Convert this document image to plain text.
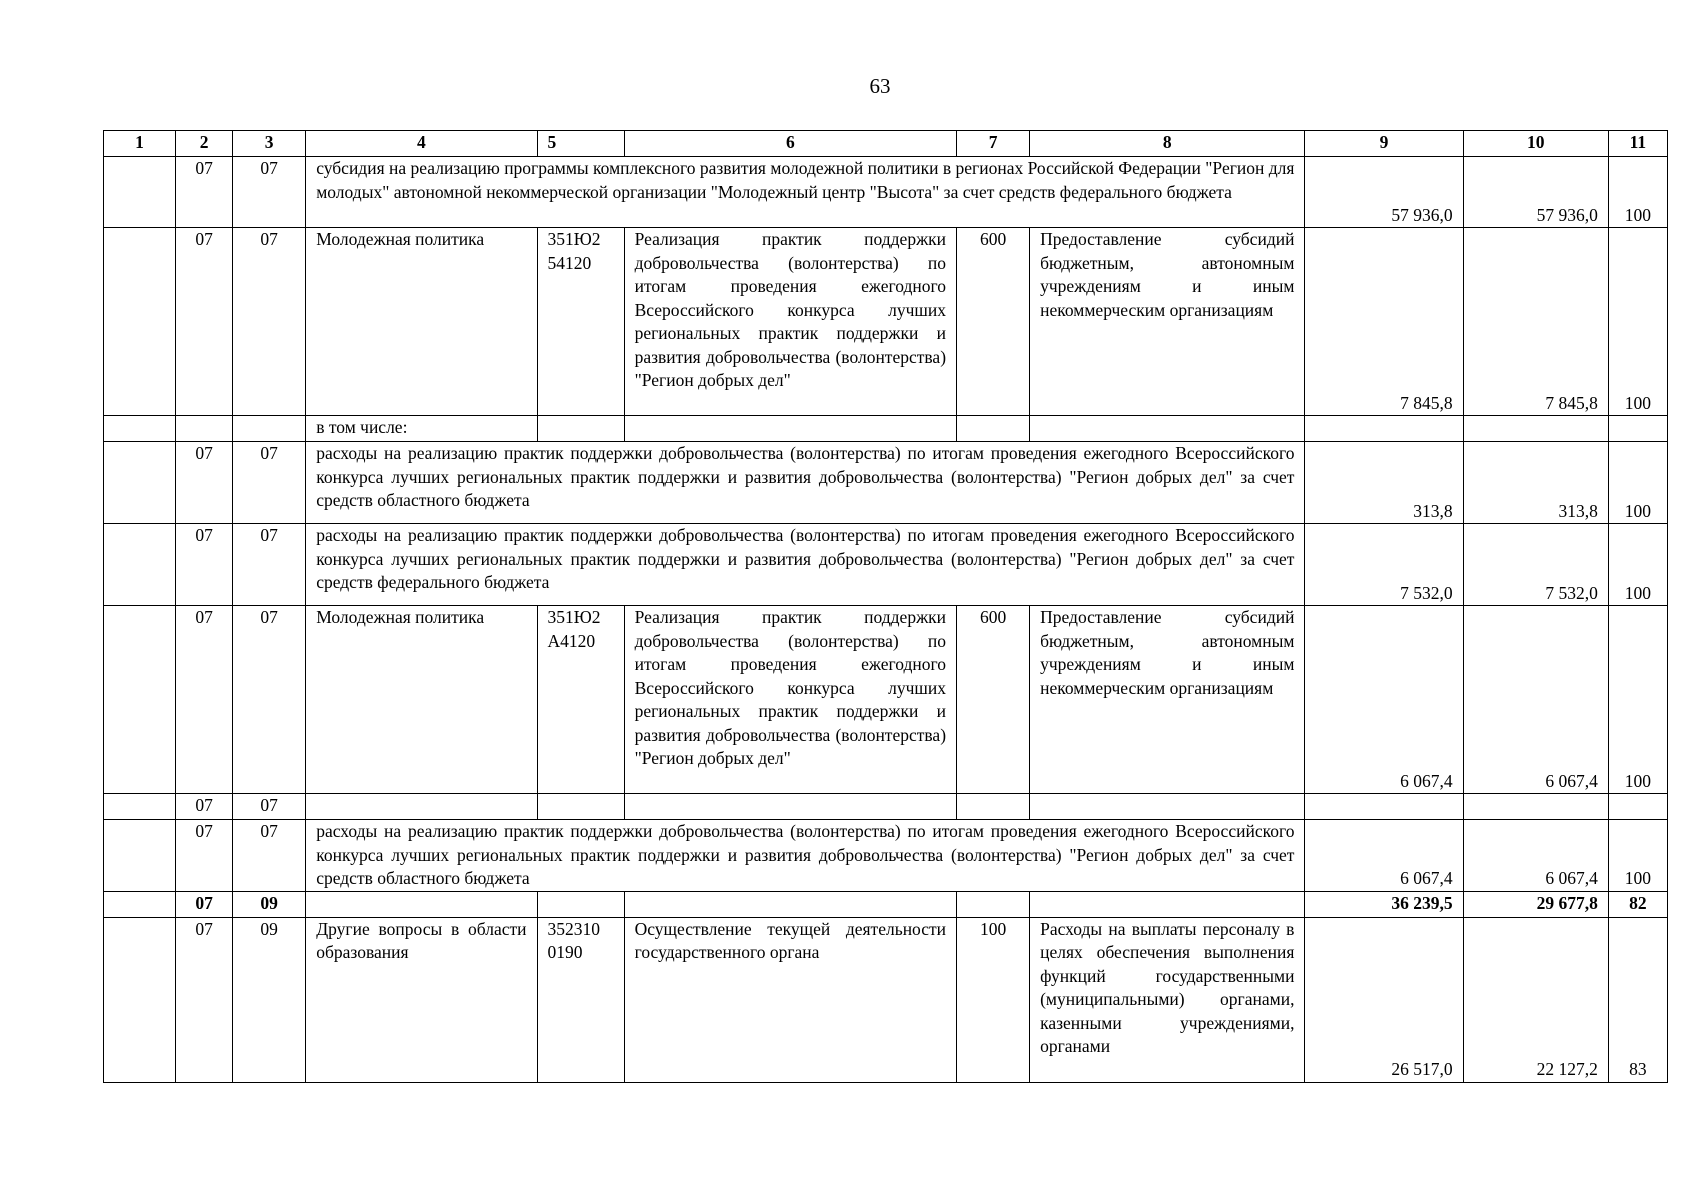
63
1	2	3	4	5	6	7	8	9	10	11
	07	07	субсидия на реализацию программы комплексного развития молодежной политики в регионах Российской Федерации "Регион для молодых" автономной некоммерческой организации "Молодежный центр "Высота" за счет средств федерального бюджета					57 936,0	57 936,0	100
	07	07	Молодежная политика	351Ю2 54120	Реализация практик поддержки добровольчества (волонтерства) по итогам проведения ежегодного Всероссийского конкурса лучших региональных практик поддержки и развития добровольчества (волонтерства) "Регион добрых дел"	600	Предоставление субсидий бюджетным, автономным учреждениям и иным некоммерческим организациям	7 845,8	7 845,8	100
			в том числе:							
	07	07	расходы на реализацию практик поддержки добровольчества (волонтерства) по итогам проведения ежегодного Всероссийского конкурса лучших региональных практик поддержки и развития добровольчества (волонтерства) "Регион добрых дел" за счет средств областного бюджета					313,8	313,8	100
	07	07	расходы на реализацию практик поддержки добровольчества (волонтерства) по итогам проведения ежегодного Всероссийского конкурса лучших региональных практик поддержки и развития добровольчества (волонтерства) "Регион добрых дел" за счет средств федерального бюджета					7 532,0	7 532,0	100
	07	07	Молодежная политика	351Ю2 А4120	Реализация практик поддержки добровольчества (волонтерства) по итогам проведения ежегодного Всероссийского конкурса лучших региональных практик поддержки и развития добровольчества (волонтерства) "Регион добрых дел"	600	Предоставление субсидий бюджетным, автономным учреждениям и иным некоммерческим организациям	6 067,4	6 067,4	100
	07	07								
	07	07	расходы на реализацию практик поддержки добровольчества (волонтерства) по итогам проведения ежегодного Всероссийского конкурса лучших региональных практик поддержки и развития добровольчества (волонтерства) "Регион добрых дел" за счет средств областного бюджета					6 067,4	6 067,4	100
	07	09						36 239,5	29 677,8	82
	07	09	Другие вопросы в области образования	352310 0190	Осуществление текущей деятельности государственного органа	100	Расходы на выплаты персоналу в целях обеспечения выполнения функций государственными (муниципальными) органами, казенными учреждениями, органами	26 517,0	22 127,2	83
